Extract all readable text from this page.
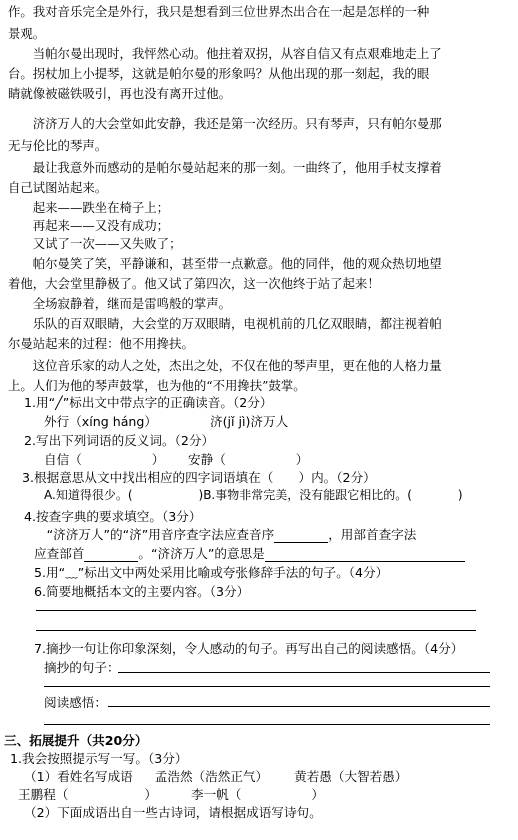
作。我对音乐完全是外行，我只是想看到三位世界杰出合在一起是怎样的一种
景观。
　　当帕尔曼出现时，我怦然心动。他拄着双拐，从容自信又有点艰难地走上了
台。拐杖加上小提琴，这就是帕尔曼的形象吗？从他出现的那一刻起，我的眼
睛就像被磁铁吸引，再也没有离开过他。
　　济济万人的大会堂如此安静，我还是第一次经历。只有琴声，只有帕尔曼那
无与伦比的琴声。
　　最让我意外而感动的是帕尔曼站起来的那一刻。一曲终了，他用手杖支撑着
自己试图站起来。
　　起来——跌坐在椅子上；
　　再起来——又没有成功；
　　又试了一次——又失败了；
　　帕尔曼笑了笑，平静谦和，甚至带一点歉意。他的同伴，他的观众热切地望
着他，大会堂里静极了。他又试了第四次，这一次他终于站了起来！
　　全场寂静着，继而是雷鸣般的掌声。
　　乐队的百双眼睛，大会堂的万双眼睛，电视机前的几亿双眼睛，都注视着帕
尔曼站起来的过程：他不用搀扶。
　　这位音乐家的动人之处，杰出之处，不仅在他的琴声里，更在他的人格力量
上。人们为他的琴声鼓掌，也为他的“不用搀扶”鼓掌。
1.用“╱”标出文中带点字的正确读音。（2分）
外行（xíng háng）	济(jǐ jì)济万人
2.写出下列词语的反义词。（2分）
自信（	）	安静（	）
3.根据意思从文中找出相应的四字词语填在（　　）内。（2分）
A.知道得很少。(	)B.事物非常完美，没有能跟它相比的。(	)
4.按查字典的要求填空。（3分）
　“济济万人”的“济”用音序查字法应查音序	，用部首查字法
应查部首	。“济济万人”的意思是
5.用“﹏”标出文中两处采用比喻或夸张修辞手法的句子。（4分）
6.简要地概括本文的主要内容。（3分）
7.摘抄一句让你印象深刻，令人感动的句子。再写出自己的阅读感悟。（4分）
摘抄的句子：
阅读感悟：
三、拓展提升（共20分）
1.我会按照提示写一写。（3分）
（1）看姓名写成语 孟浩然（浩然正气） 黄若愚（大智若愚）
王鹏程（	）	李一帆（	）
（2）下面成语出自一些古诗词，请根据成语写诗句。
